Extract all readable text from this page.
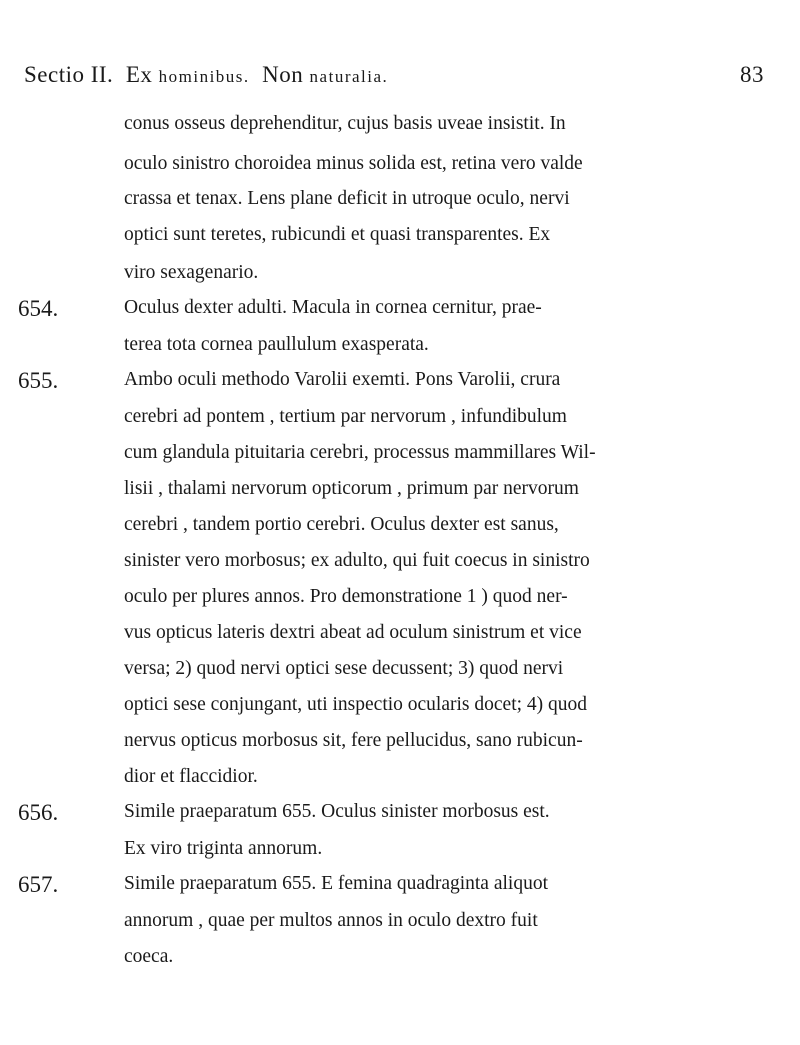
Sectio II. Ex hominibus. Non naturalia.	83
conus osseus deprehenditur, cujus basis uveae insistit. In
oculo sinistro choroidea minus solida est, retina vero valde
crassa et tenax. Lens plane deficit in utroque oculo, nervi
optici sunt teretes, rubicundi et quasi transparentes. Ex
viro sexagenario.
654.	Oculus dexter adulti. Macula in cornea cernitur, prae-
terea tota cornea paullulum exasperata.
655.	Ambo oculi methodo Varolii exemti. Pons Varolii, crura
cerebri ad pontem , tertium par nervorum , infundibulum
cum glandula pituitaria cerebri, processus mammillares Wil-
lisii , thalami nervorum opticorum , primum par nervorum
cerebri , tandem portio cerebri. Oculus dexter est sanus,
sinister vero morbosus; ex adulto, qui fuit coecus in sinistro
oculo per plures annos. Pro demonstratione 1 ) quod ner-
vus opticus lateris dextri abeat ad oculum sinistrum et vice
versa; 2) quod nervi optici sese decussent; 3) quod nervi
optici sese conjungant, uti inspectio ocularis docet; 4) quod
nervus opticus morbosus sit, fere pellucidus, sano rubicun-
dior et flaccidior.
656.	Simile praeparatum 655. Oculus sinister morbosus est.
Ex viro triginta annorum.
657.	Simile praeparatum 655. E femina quadraginta aliquot
annorum , quae per multos annos in oculo dextro fuit
coeca.
